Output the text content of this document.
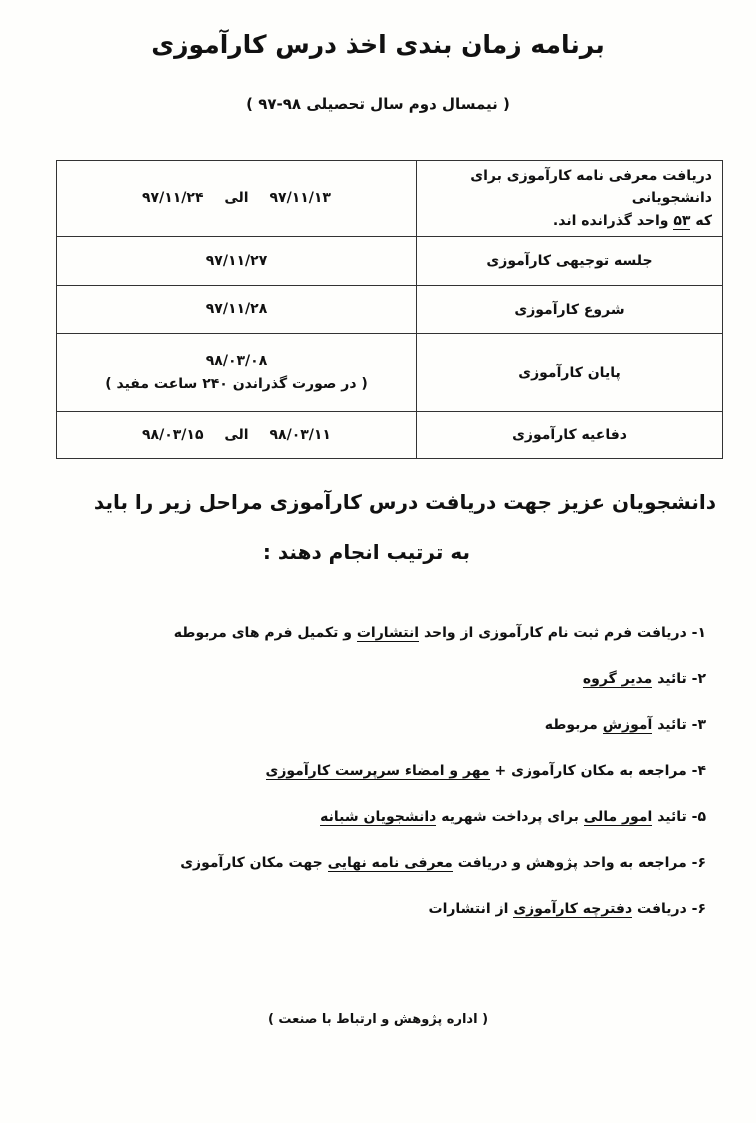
برنامه زمان بندی اخذ درس کارآموزی
( نیمسال دوم سال تحصیلی ۹۸-۹۷ )
دریافت معرفی نامه کارآموزی برای دانشجویانی
که ۵۳ واحد گذرانده اند.	۹۷/۱۱/۱۳ الی ۹۷/۱۱/۲۴
جلسه توجیهی کارآموزی	۹۷/۱۱/۲۷
شروع کارآموزی	۹۷/۱۱/۲۸
پایان کارآموزی	۹۸/۰۳/۰۸
( در صورت گذراندن ۲۴۰ ساعت مفید )

دفاعیه کارآموزی	۹۸/۰۳/۱۱ الی ۹۸/۰۳/۱۵
دانشجویان عزیز جهت دریافت درس کارآموزی مراحل زیر را باید
به ترتیب انجام دهند :
۱- دریافت فرم ثبت نام کارآموزی از واحد انتشارات و تکمیل فرم های مربوطه
۲- تائید مدیر گروه
۳- تائید آموزش مربوطه
۴- مراجعه به مکان کارآموزی + مهر و امضاء سرپرست کارآموزی
۵- تائید امور مالی برای پرداخت شهریه دانشجویان شبانه
۶- مراجعه به واحد پژوهش و دریافت معرفی نامه نهایی جهت مکان کارآموزی
۶- دریافت دفترچه کارآموزی از انتشارات
( اداره پژوهش و ارتباط با صنعت )
